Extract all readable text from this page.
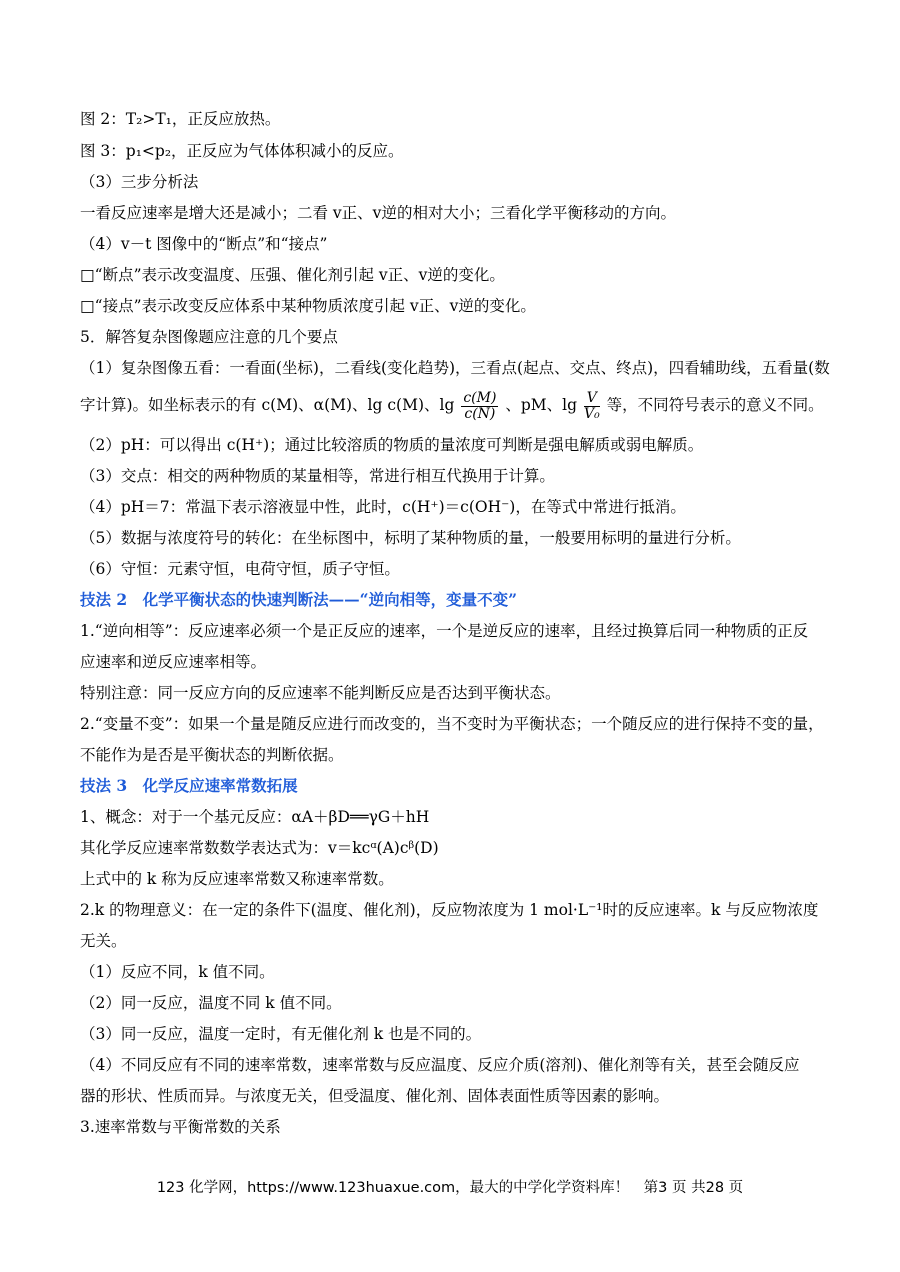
图 2：T₂>T₁，正反应放热。
图 3：p₁<p₂，正反应为气体体积减小的反应。
（3）三步分析法
一看反应速率是增大还是减小；二看 v正、v逆的相对大小；三看化学平衡移动的方向。
（4）v－t 图像中的“断点”和“接点”
□“断点”表示改变温度、压强、催化剂引起 v正、v逆的变化。
□“接点”表示改变反应体系中某种物质浓度引起 v正、v逆的变化。
5．解答复杂图像题应注意的几个要点
（1）复杂图像五看：一看面(坐标)，二看线(变化趋势)，三看点(起点、交点、终点)，四看辅助线，五看量(数
字计算)。如坐标表示的有 c(M)、α(M)、lg c(M)、$\lg \frac{c(M)}{c(N)}$ 、pM、$\lg \frac{V}{\text{V₀}}$ 等，不同符号表示的意义不同。
（2）pH：可以得出 c(H⁺)；通过比较溶质的物质的量浓度可判断是强电解质或弱电解质。
（3）交点：相交的两种物质的某量相等，常进行相互代换用于计算。
（4）pH＝7：常温下表示溶液显中性，此时，c(H⁺)＝c(OH⁻)，在等式中常进行抵消。
（5）数据与浓度符号的转化：在坐标图中，标明了某种物质的量，一般要用标明的量进行分析。
（6）守恒：元素守恒，电荷守恒，质子守恒。
技法 2　化学平衡状态的快速判断法——“逆向相等，变量不变”
1.“逆向相等”：反应速率必须一个是正反应的速率，一个是逆反应的速率，且经过换算后同一种物质的正反
应速率和逆反应速率相等。
特别注意：同一反应方向的反应速率不能判断反应是否达到平衡状态。
2.“变量不变”：如果一个量是随反应进行而改变的，当不变时为平衡状态；一个随反应的进行保持不变的量，
不能作为是否是平衡状态的判断依据。
技法 3　化学反应速率常数拓展
1、概念：对于一个基元反应：αA＋βD══γG＋hH
其化学反应速率常数数学表达式为：v＝kcᵅ(A)cᵝ(D)
上式中的 k 称为反应速率常数又称速率常数。
2.k 的物理意义：在一定的条件下(温度、催化剂)，反应物浓度为 1 mol·L⁻¹时的反应速率。k 与反应物浓度
无关。
（1）反应不同，k 值不同。
（2）同一反应，温度不同 k 值不同。
（3）同一反应，温度一定时，有无催化剂 k 也是不同的。
（4）不同反应有不同的速率常数，速率常数与反应温度、反应介质(溶剂)、催化剂等有关，甚至会随反应
器的形状、性质而异。与浓度无关，但受温度、催化剂、固体表面性质等因素的影响。
3.速率常数与平衡常数的关系
123 化学网，https://www.123huaxue.com，最大的中学化学资料库！　第3 页 共28 页
